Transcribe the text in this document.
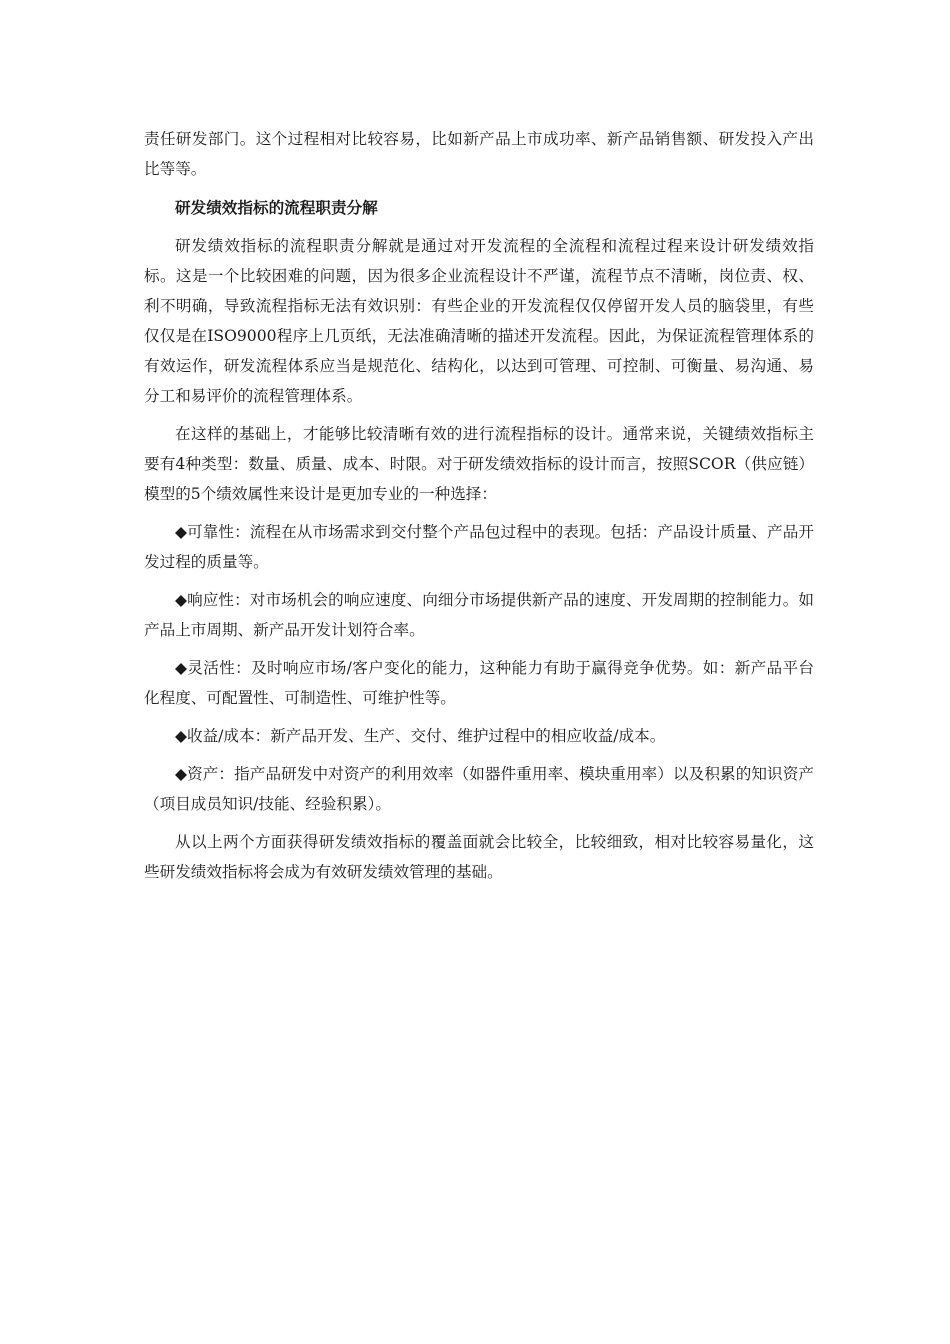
责任研发部门。这个过程相对比较容易，比如新产品上市成功率、新产品销售额、研发投入产出比等等。

研发绩效指标的流程职责分解

研发绩效指标的流程职责分解就是通过对开发流程的全流程和流程过程来设计研发绩效指标。这是一个比较困难的问题，因为很多企业流程设计不严谨，流程节点不清晰，岗位责、权、利不明确，导致流程指标无法有效识别：有些企业的开发流程仅仅停留开发人员的脑袋里，有些仅仅是在ISO9000程序上几页纸，无法准确清晰的描述开发流程。因此，为保证流程管理体系的有效运作，研发流程体系应当是规范化、结构化，以达到可管理、可控制、可衡量、易沟通、易分工和易评价的流程管理体系。

在这样的基础上，才能够比较清晰有效的进行流程指标的设计。通常来说，关键绩效指标主要有4种类型：数量、质量、成本、时限。对于研发绩效指标的设计而言，按照SCOR（供应链）模型的5个绩效属性来设计是更加专业的一种选择：

◆可靠性：流程在从市场需求到交付整个产品包过程中的表现。包括：产品设计质量、产品开发过程的质量等。

◆响应性：对市场机会的响应速度、向细分市场提供新产品的速度、开发周期的控制能力。如产品上市周期、新产品开发计划符合率。

◆灵活性：及时响应市场/客户变化的能力，这种能力有助于赢得竞争优势。如：新产品平台化程度、可配置性、可制造性、可维护性等。

◆收益/成本：新产品开发、生产、交付、维护过程中的相应收益/成本。

◆资产：指产品研发中对资产的利用效率（如器件重用率、模块重用率）以及积累的知识资产（项目成员知识/技能、经验积累）。

从以上两个方面获得研发绩效指标的覆盖面就会比较全，比较细致，相对比较容易量化，这些研发绩效指标将会成为有效研发绩效管理的基础。
